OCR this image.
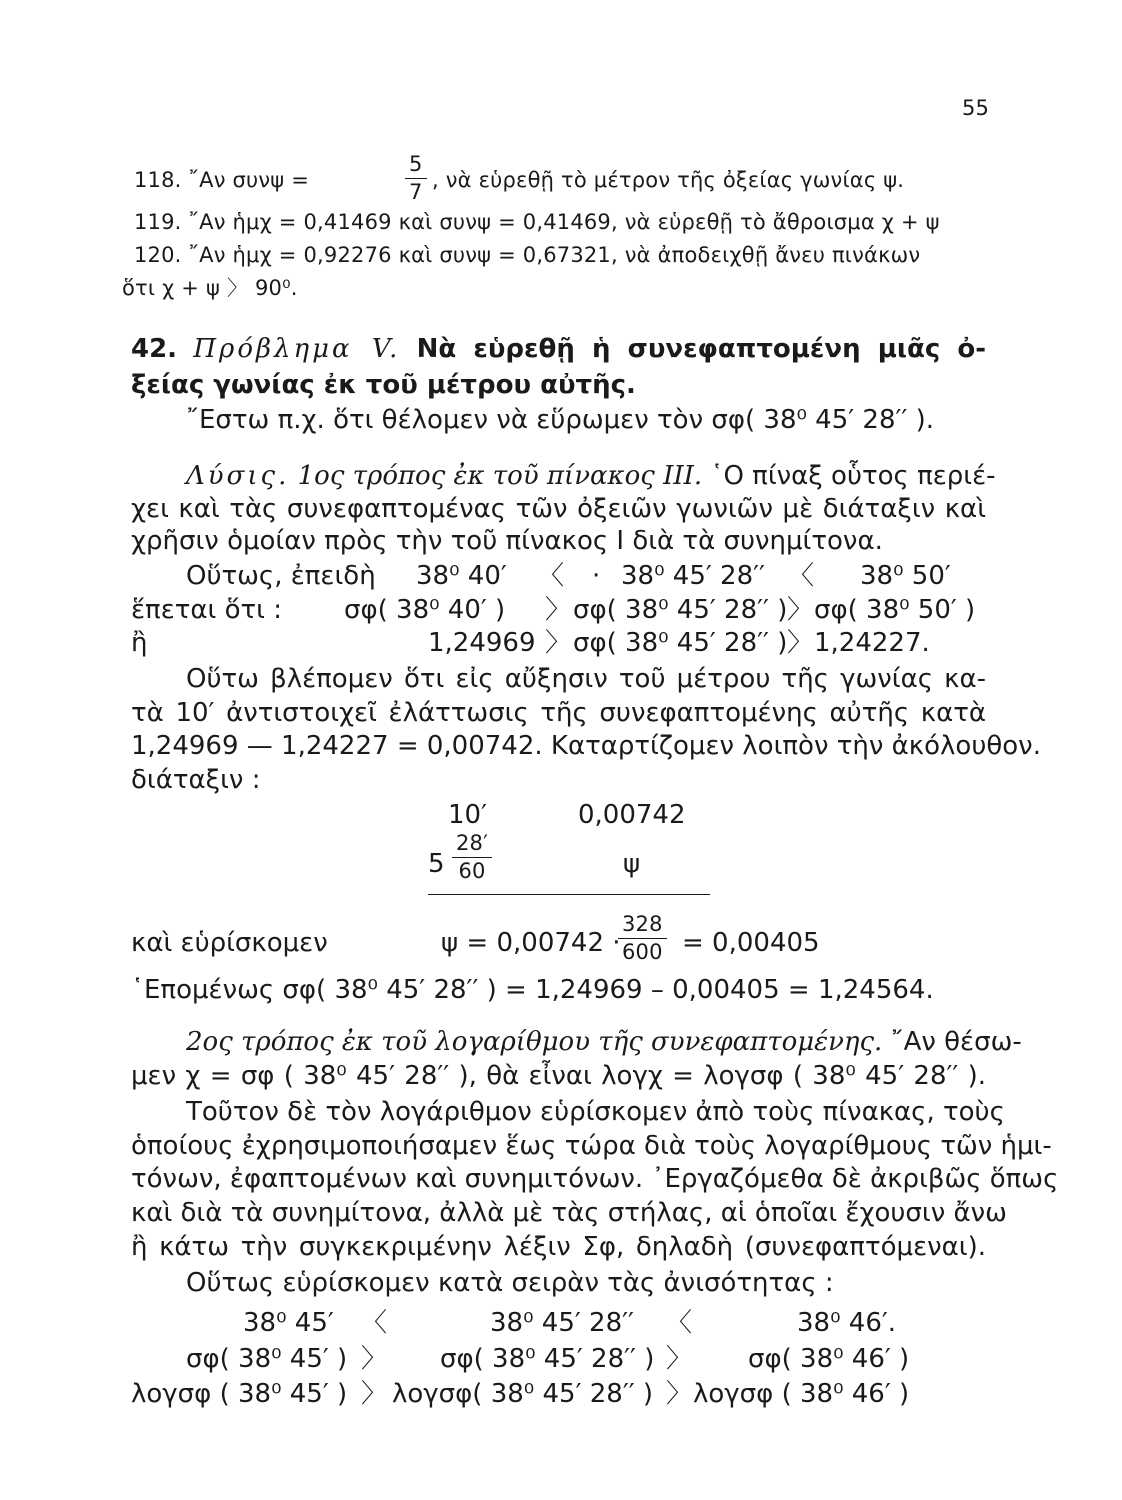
55
118. ῎Αν συνψ =	$\frac{5}{7}$ , νὰ εὑρεθῇ τὸ μέτρον τῆς ὀξείας γωνίας ψ.
119. ῎Αν ἡμχ = 0,41469 καὶ συνψ = 0,41469, νὰ εὑρεθῇ τὸ ἄθροισμα χ + ψ
120. ῎Αν ἡμχ = 0,92276 καὶ συνψ = 0,67321, νὰ ἀποδειχθῇ ἄνευ πινάκων
ὅτι χ + ψ 〉 90⁰.
42. Πρόβλημα V. Νὰ εὑρεθῇ ἡ συνεφαπτομένη μιᾶς ὀ-
ξείας γωνίας ἐκ τοῦ μέτρου αὐτῆς.
῎Εστω π.χ. ὅτι θέλομεν νὰ εὕρωμεν τὸν σφ( 38⁰ 45′ 28′′ ).
Λύσις. 1ος τρόπος ἐκ τοῦ πίνακος III. ῾Ο πίναξ οὗτος περιέ-
χει καὶ τὰς συνεφαπτομένας τῶν ὀξειῶν γωνιῶν μὲ διάταξιν καὶ
χρῆσιν ὁμοίαν πρὸς τὴν τοῦ πίνακος I διὰ τὰ συνημίτονα.
Οὕτως, ἐπειδὴ 38⁰ 40′ 〈 · 38⁰ 45′ 28′′ 〈 38⁰ 50′
ἕπεται ὅτι : σφ( 38⁰ 40′ ) 〉 σφ( 38⁰ 45′ 28′′ ) 〉 σφ( 38⁰ 50′ )
ἢ	1,24969 〉 σφ( 38⁰ 45′ 28′′ ) 〉 1,24227.
Οὕτω βλέπομεν ὅτι εἰς αὔξησιν τοῦ μέτρου τῆς γωνίας κα-
τὰ 10′ ἀντιστοιχεῖ ἐλάττωσις τῆς συνεφαπτομένης αὐτῆς κατὰ
1,24969 — 1,24227 = 0,00742. Καταρτίζομεν λοιπὸν τὴν ἀκόλουθον.
διάταξιν :
10′	0,00742
$5 \frac{28'}{60}$	ψ
καὶ εὑρίσκομεν	ψ = 0,00742 ·
$\frac{328}{600} = 0,00405$
῾Επομένως σφ( 38⁰ 45′ 28′′ ) = 1,24969 – 0,00405 = 1,24564.
2ος τρόπος ἐκ τοῦ λογαρίθμου τῆς συνεφαπτομένης. ῎Αν θέσω-
μεν χ = σφ ( 38⁰ 45′ 28′′ ), θὰ εἶναι λογχ = λογσφ ( 38⁰ 45′ 28′′ ).
Τοῦτον δὲ τὸν λογάριθμον εὑρίσκομεν ἀπὸ τοὺς πίνακας, τοὺς
ὁποίους ἐχρησιμοποιήσαμεν ἕως τώρα διὰ τοὺς λογαρίθμους τῶν ἡμι-
τόνων, ἐφαπτομένων καὶ συνημιτόνων. ᾿Εργαζόμεθα δὲ ἀκριβῶς ὅπως
καὶ διὰ τὰ συνημίτονα, ἀλλὰ μὲ τὰς στήλας, αἱ ὁποῖαι ἔχουσιν ἄνω
ἢ κάτω τὴν συγκεκριμένην λέξιν Σφ, δηλαδὴ (συνεφαπτόμεναι).
Οὕτως εὑρίσκομεν κατὰ σειρὰν τὰς ἀνισότητας :
38⁰ 45′ 〈	38⁰ 45′ 28′′ 〈	38⁰ 46′.
σφ( 38⁰ 45′ ) 〉 σφ( 38⁰ 45′ 28′′ ) 〉 σφ( 38⁰ 46′ )
λογσφ ( 38⁰ 45′ ) 〉 λογσφ( 38⁰ 45′ 28′′ ) 〉 λογσφ ( 38⁰ 46′ )
